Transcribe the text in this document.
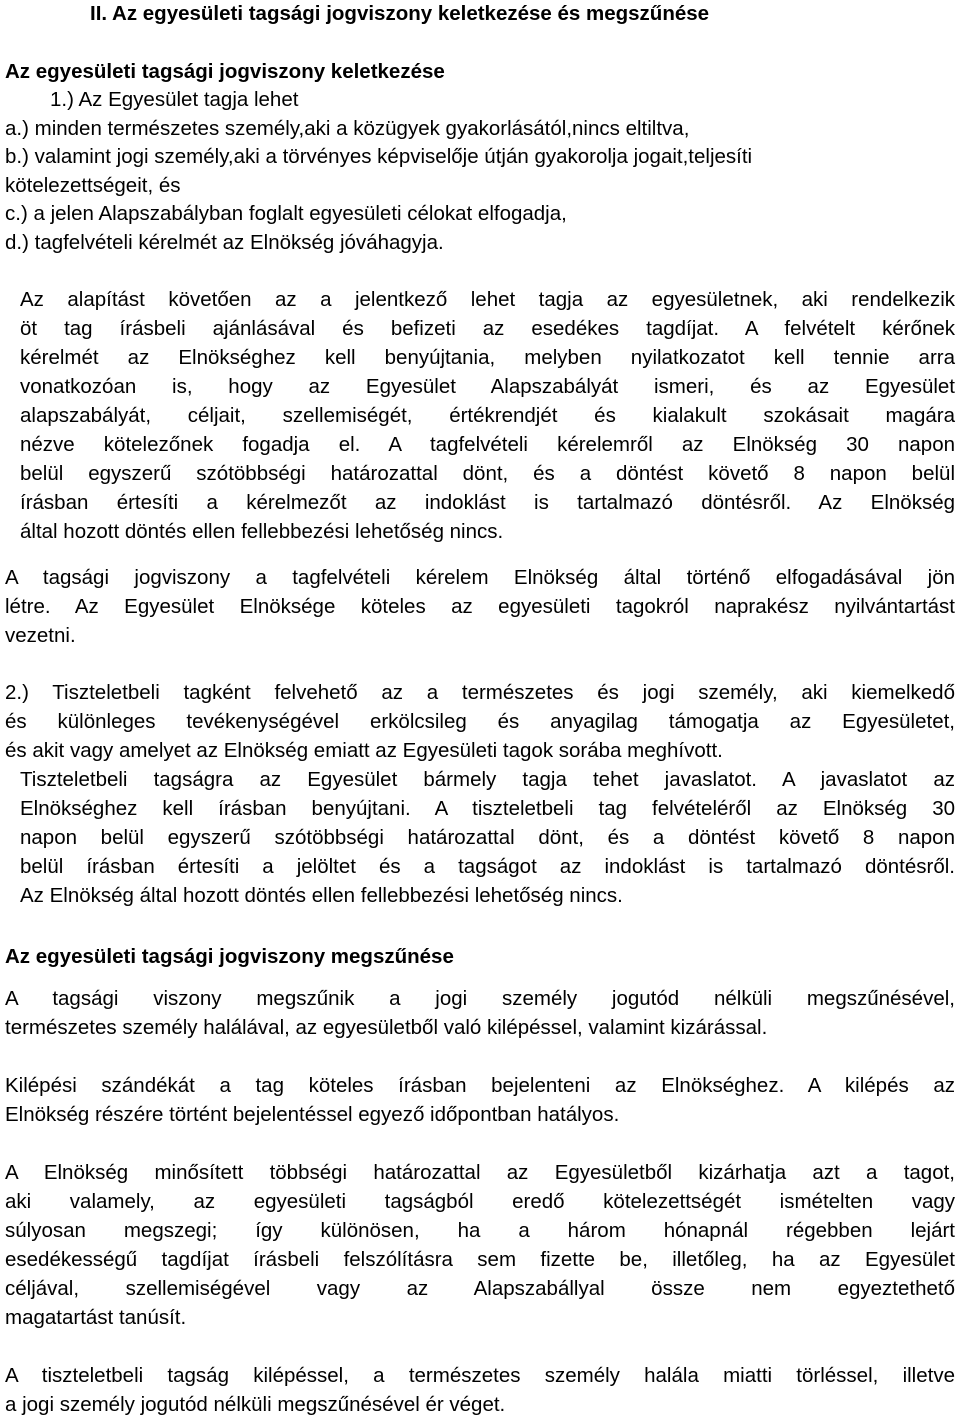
II. Az egyesületi tagsági jogviszony keletkezése és megszűnése
Az egyesületi tagsági jogviszony keletkezése
1.) Az Egyesület tagja lehet
a.) minden természetes személy,aki a közügyek gyakorlásától,nincs eltiltva,
b.) valamint jogi személy,aki a törvényes képviselője útján gyakorolja jogait,teljesíti
kötelezettségeit, és
c.) a jelen Alapszabályban foglalt egyesületi célokat elfogadja,
d.) tagfelvételi kérelmét az Elnökség jóváhagyja.
Az alapítást követően az a jelentkező lehet tagja az egyesületnek, aki rendelkezik
öt tag írásbeli ajánlásával és befizeti az esedékes tagdíjat. A felvételt kérőnek
kérelmét az Elnökséghez kell benyújtania, melyben nyilatkozatot kell tennie arra
vonatkozóan is, hogy az Egyesület Alapszabályát ismeri, és az Egyesület
alapszabályát, céljait, szellemiségét, értékrendjét és kialakult szokásait magára
nézve kötelezőnek fogadja el. A tagfelvételi kérelemről az Elnökség 30 napon
belül egyszerű szótöbbségi határozattal dönt, és a döntést követő 8 napon belül
írásban értesíti a kérelmezőt az indoklást is tartalmazó döntésről. Az Elnökség
által hozott döntés ellen fellebbezési lehetőség nincs.
A tagsági jogviszony a tagfelvételi kérelem Elnökség által történő elfogadásával jön
létre. Az Egyesület Elnöksége köteles az egyesületi tagokról naprakész nyilvántartást
vezetni.
2.) Tiszteletbeli tagként felvehető az a természetes és jogi személy, aki kiemelkedő
és különleges tevékenységével erkölcsileg és anyagilag támogatja az Egyesületet,
és akit vagy amelyet az Elnökség emiatt az Egyesületi tagok sorába meghívott.
Tiszteletbeli tagságra az Egyesület bármely tagja tehet javaslatot. A javaslatot az
Elnökséghez kell írásban benyújtani. A tiszteletbeli tag felvételéről az Elnökség 30
napon belül egyszerű szótöbbségi határozattal dönt, és a döntést követő 8 napon
belül írásban értesíti a jelöltet és a tagságot az indoklást is tartalmazó döntésről.
Az Elnökség által hozott döntés ellen fellebbezési lehetőség nincs.
Az egyesületi tagsági jogviszony megszűnése
A tagsági viszony megszűnik a jogi személy jogutód nélküli megszűnésével,
természetes személy halálával, az egyesületből való kilépéssel, valamint kizárással.
Kilépési szándékát a tag köteles írásban bejelenteni az Elnökséghez. A kilépés az
Elnökség részére történt bejelentéssel egyező időpontban hatályos.
A Elnökség minősített többségi határozattal az Egyesületből kizárhatja azt a tagot,
aki valamely, az egyesületi tagságból eredő kötelezettségét ismételten vagy
súlyosan megszegi; így különösen, ha a három hónapnál régebben lejárt
esedékességű tagdíjat írásbeli felszólításra sem fizette be, illetőleg, ha az Egyesület
céljával, szellemiségével vagy az Alapszabállyal össze nem egyeztethető
magatartást tanúsít.
A tiszteletbeli tagság kilépéssel, a természetes személy halála miatti törléssel, illetve
a jogi személy jogutód nélküli megszűnésével ér véget.
